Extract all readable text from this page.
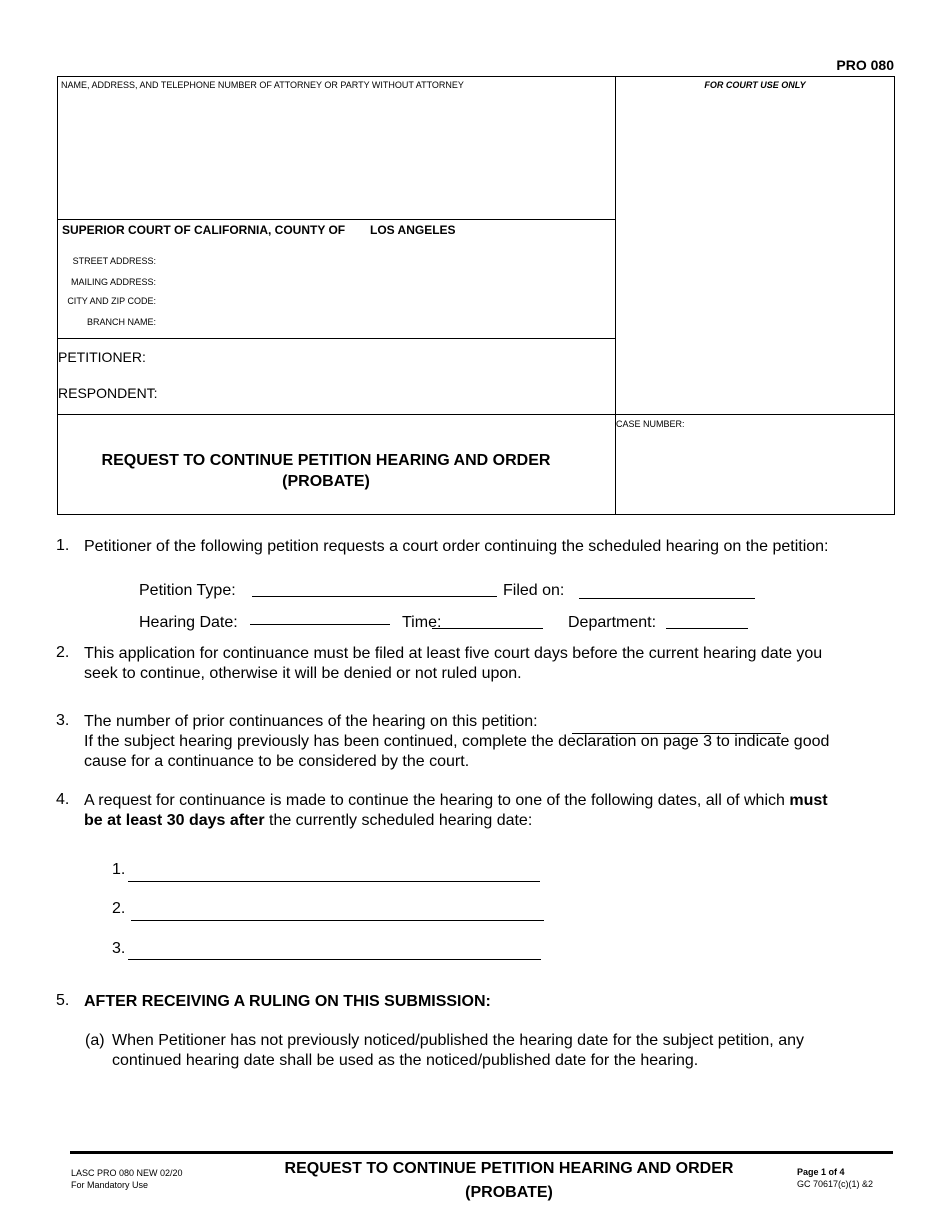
PRO 080
NAME, ADDRESS, AND TELEPHONE NUMBER OF ATTORNEY OR PARTY WITHOUT ATTORNEY	FOR COURT USE ONLY
SUPERIOR COURT OF CALIFORNIA, COUNTY OF LOS ANGELES
STREET ADDRESS:
MAILING ADDRESS:
CITY AND ZIP CODE:
BRANCH NAME:
PETITIONER:
RESPONDENT:
REQUEST TO CONTINUE PETITION HEARING AND ORDER
(PROBATE)
CASE NUMBER:
1. Petitioner of the following petition requests a court order continuing the scheduled hearing on the petition:
Petition Type:	Filed on:
Hearing Date:	Time:	Department:
2. This application for continuance must be filed at least five court days before the current hearing date you
seek to continue, otherwise it will be denied or not ruled upon.
3. The number of prior continuances of the hearing on this petition:
If the subject hearing previously has been continued, complete the declaration on page 3 to indicate good
cause for a continuance to be considered by the court.
4. A request for continuance is made to continue the hearing to one of the following dates, all of which must
be at least 30 days after the currently scheduled hearing date:
1.
2.
3.
5. AFTER RECEIVING A RULING ON THIS SUBMISSION:
(a) When Petitioner has not previously noticed/published the hearing date for the subject petition, any
continued hearing date shall be used as the noticed/published date for the hearing.
LASC PRO 080 NEW 02/20
For Mandatory Use
REQUEST TO CONTINUE PETITION HEARING AND ORDER
(PROBATE)
Page 1 of 4
GC 70617(c)(1) &2
